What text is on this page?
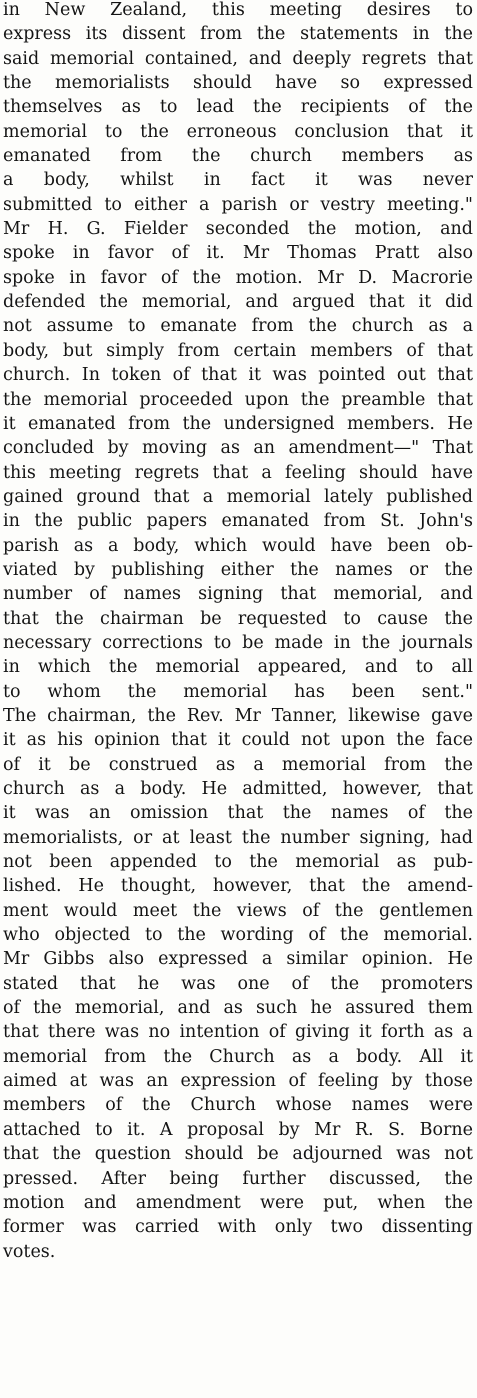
in New Zealand, this meeting desires to
express its dissent from the statements in the
said memorial contained, and deeply regrets that
the memorialists should have so expressed
themselves as to lead the recipients of the
memorial to the erroneous conclusion that it
emanated from the church members as
a body, whilst in fact it was never
submitted to either a parish or vestry meeting."
Mr H. G. Fielder seconded the motion, and
spoke in favor of it. Mr Thomas Pratt also
spoke in favor of the motion. Mr D. Macrorie
defended the memorial, and argued that it did
not assume to emanate from the church as a
body, but simply from certain members of that
church. In token of that it was pointed out that
the memorial proceeded upon the preamble that
it emanated from the undersigned members. He
concluded by moving as an amendment—" That
this meeting regrets that a feeling should have
gained ground that a memorial lately published
in the public papers emanated from St. John's
parish as a body, which would have been ob-
viated by publishing either the names or the
number of names signing that memorial, and
that the chairman be requested to cause the
necessary corrections to be made in the journals
in which the memorial appeared, and to all
to whom the memorial has been sent."
The chairman, the Rev. Mr Tanner, likewise gave
it as his opinion that it could not upon the face
of it be construed as a memorial from the
church as a body. He admitted, however, that
it was an omission that the names of the
memorialists, or at least the number signing, had
not been appended to the memorial as pub-
lished. He thought, however, that the amend-
ment would meet the views of the gentlemen
who objected to the wording of the memorial.
Mr Gibbs also expressed a similar opinion. He
stated that he was one of the promoters
of the memorial, and as such he assured them
that there was no intention of giving it forth as a
memorial from the Church as a body. All it
aimed at was an expression of feeling by those
members of the Church whose names were
attached to it. A proposal by Mr R. S. Borne
that the question should be adjourned was not
pressed. After being further discussed, the
motion and amendment were put, when the
former was carried with only two dissenting
votes.
